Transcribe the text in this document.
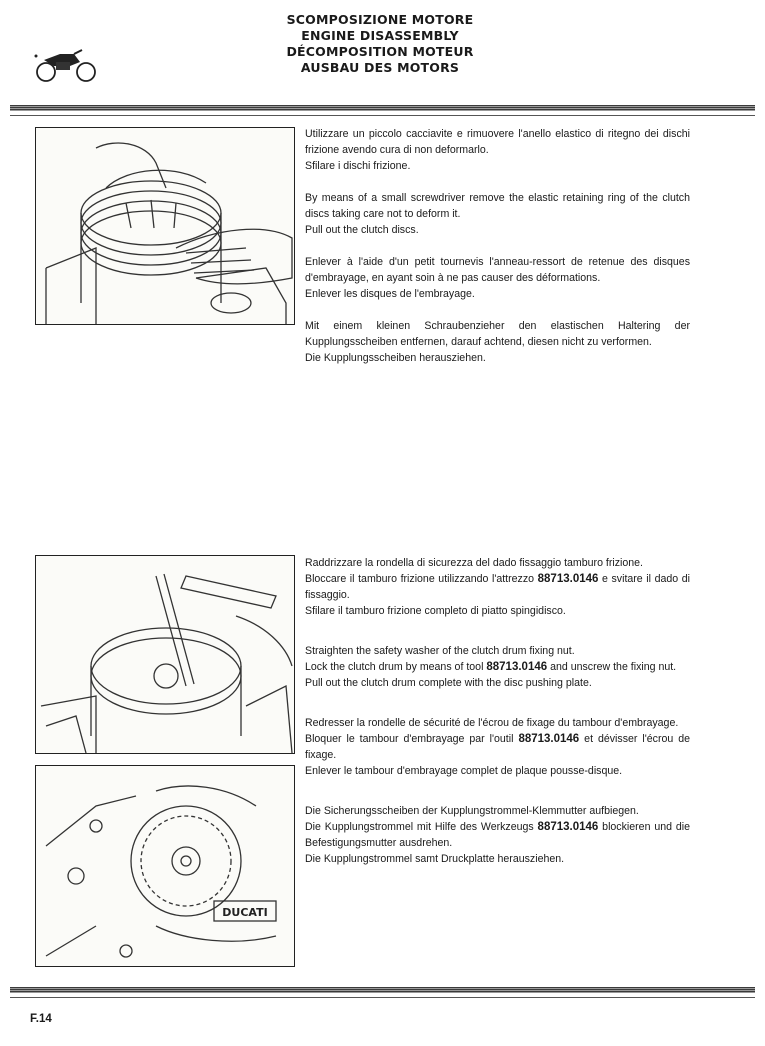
SCOMPOSIZIONE MOTORE
ENGINE DISASSEMBLY
DÉCOMPOSITION MOTEUR
AUSBAU DES MOTORS

Utilizzare un piccolo cacciavite e rimuovere l'anello elastico di ritegno dei dischi frizione avendo cura di non deformarlo.
Sfilare i dischi frizione.

By means of a small screwdriver remove the elastic retaining ring of the clutch discs taking care not to deform it.
Pull out the clutch discs.

Enlever à l'aide d'un petit tournevis l'anneau-ressort de retenue des disques d'embrayage, en ayant soin à ne pas causer des déformations.
Enlever les disques de l'embrayage.

Mit einem kleinen Schraubenzieher den elastischen Haltering der Kupplungsscheiben entfernen, darauf achtend, diesen nicht zu verformen.
Die Kupplungsscheiben herausziehen.

DUCATI

Raddrizzare la rondella di sicurezza del dado fissaggio tamburo frizione.
Bloccare il tamburo frizione utilizzando l'attrezzo 88713.0146 e svitare il dado di fissaggio.
Sfilare il tamburo frizione completo di piatto spingidisco.

Straighten the safety washer of the clutch drum fixing nut.
Lock the clutch drum by means of tool 88713.0146 and unscrew the fixing nut.
Pull out the clutch drum complete with the disc pushing plate.

Redresser la rondelle de sécurité de l'écrou de fixage du tambour d'embrayage.
Bloquer le tambour d'embrayage par l'outil 88713.0146 et dévisser l'écrou de fixage.
Enlever le tambour d'embrayage complet de plaque pousse-disque.

Die Sicherungsscheiben der Kupplungstrommel-Klemmutter aufbiegen.
Die Kupplungstrommel mit Hilfe des Werkzeugs 88713.0146 blockieren und die Befestigungsmutter ausdrehen.
Die Kupplungstrommel samt Druckplatte herausziehen.

F.14
